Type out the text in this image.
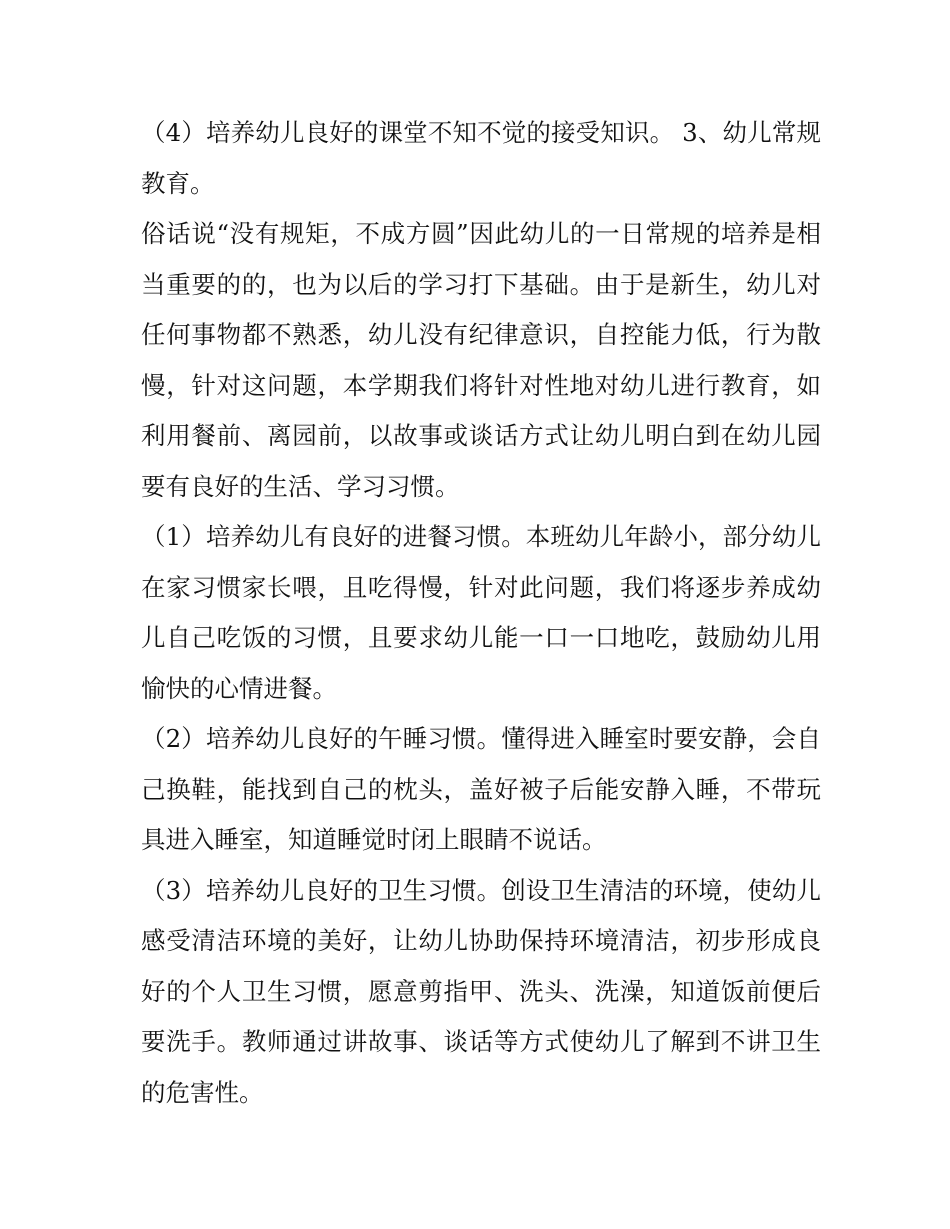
（4）培养幼儿良好的课堂不知不觉的接受知识。 3、幼儿常规教育。

俗话说“没有规矩，不成方圆”因此幼儿的一日常规的培养是相当重要的的，也为以后的学习打下基础。由于是新生，幼儿对任何事物都不熟悉，幼儿没有纪律意识，自控能力低，行为散慢，针对这问题，本学期我们将针对性地对幼儿进行教育，如利用餐前、离园前，以故事或谈话方式让幼儿明白到在幼儿园要有良好的生活、学习习惯。

（1）培养幼儿有良好的进餐习惯。本班幼儿年龄小，部分幼儿在家习惯家长喂，且吃得慢，针对此问题，我们将逐步养成幼儿自己吃饭的习惯，且要求幼儿能一口一口地吃，鼓励幼儿用愉快的心情进餐。

（2）培养幼儿良好的午睡习惯。懂得进入睡室时要安静，会自己换鞋，能找到自己的枕头，盖好被子后能安静入睡，不带玩具进入睡室，知道睡觉时闭上眼睛不说话。

（3）培养幼儿良好的卫生习惯。创设卫生清洁的环境，使幼儿感受清洁环境的美好，让幼儿协助保持环境清洁，初步形成良好的个人卫生习惯，愿意剪指甲、洗头、洗澡，知道饭前便后要洗手。教师通过讲故事、谈话等方式使幼儿了解到不讲卫生的危害性。
